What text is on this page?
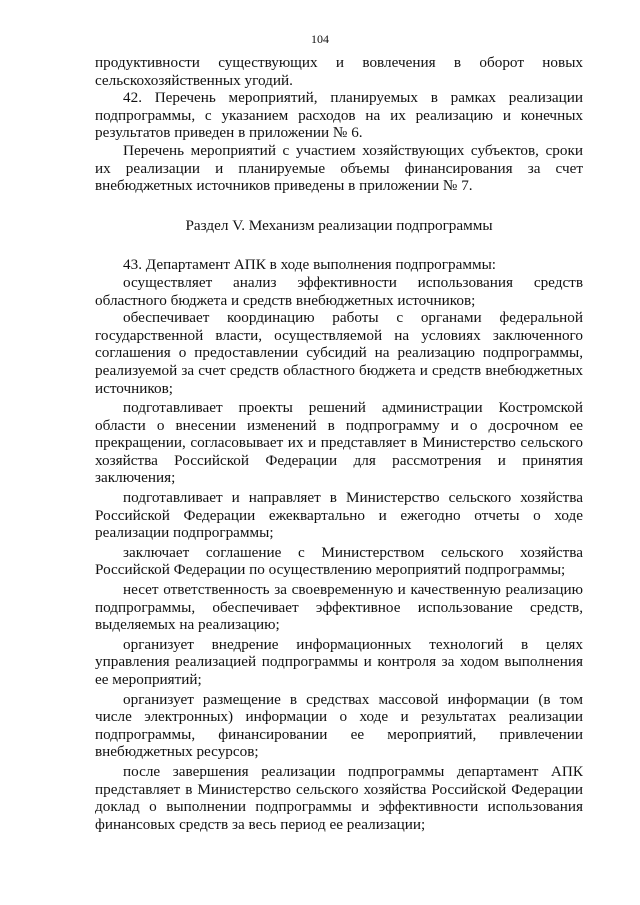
104

продуктивности существующих и вовлечения в оборот новых сельскохозяйственных угодий.

42. Перечень мероприятий, планируемых в рамках реализации подпрограммы, с указанием расходов на их реализацию и конечных результатов приведен в приложении № 6.

Перечень мероприятий с участием хозяйствующих субъектов, сроки их реализации и планируемые объемы финансирования за счет внебюджетных источников приведены в приложении № 7.

Раздел V. Механизм реализации подпрограммы

43. Департамент АПК в ходе выполнения подпрограммы:

осуществляет анализ эффективности использования средств областного бюджета и средств внебюджетных источников;

обеспечивает координацию работы с органами федеральной государственной власти, осуществляемой на условиях заключенного соглашения о предоставлении субсидий на реализацию подпрограммы, реализуемой за счет средств областного бюджета и средств внебюджетных источников;

подготавливает проекты решений администрации Костромской области о внесении изменений в подпрограмму и о досрочном ее прекращении, согласовывает их и представляет в Министерство сельского хозяйства Российской Федерации для рассмотрения и принятия заключения;

подготавливает и направляет в Министерство сельского хозяйства Российской Федерации ежеквартально и ежегодно отчеты о ходе реализации подпрограммы;

заключает соглашение с Министерством сельского хозяйства Российской Федерации по осуществлению мероприятий подпрограммы;

несет ответственность за своевременную и качественную реализацию подпрограммы, обеспечивает эффективное использование средств, выделяемых на реализацию;

организует внедрение информационных технологий в целях управления реализацией подпрограммы и контроля за ходом выполнения ее мероприятий;

организует размещение в средствах массовой информации (в том числе электронных) информации о ходе и результатах реализации подпрограммы, финансировании ее мероприятий, привлечении внебюджетных ресурсов;

после завершения реализации подпрограммы департамент АПК представляет в Министерство сельского хозяйства Российской Федерации доклад о выполнении подпрограммы и эффективности использования финансовых средств за весь период ее реализации;
